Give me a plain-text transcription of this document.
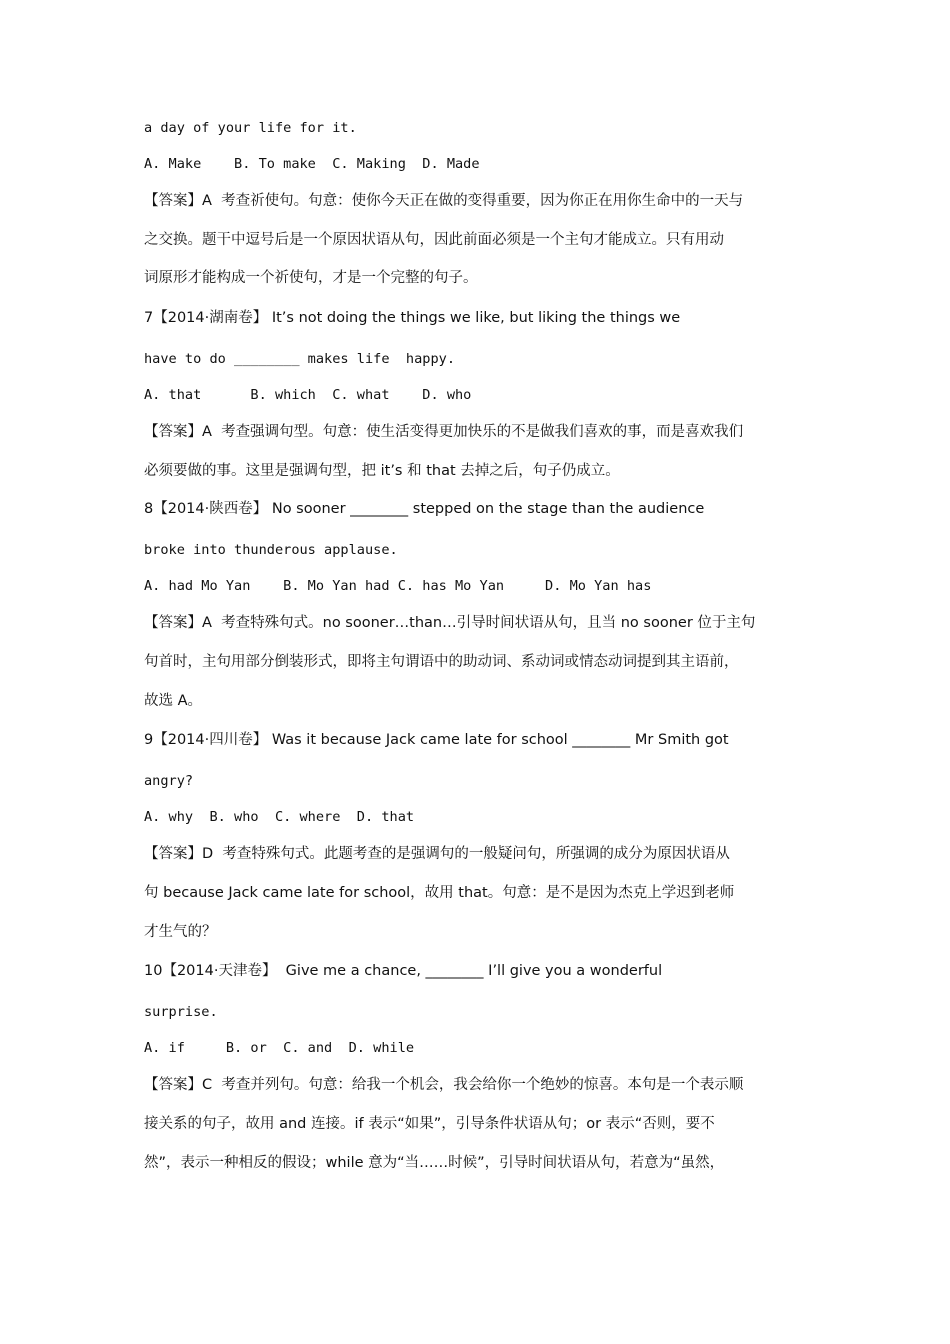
a day of your life for it.
A. Make    B. To make  C. Making  D. Made
【答案】A  考查祈使句。句意：使你今天正在做的变得重要，因为你正在用你生命中的一天与
之交换。题干中逗号后是一个原因状语从句，因此前面必须是一个主句才能成立。只有用动
词原形才能构成一个祈使句，才是一个完整的句子。
7【2014·湖南卷】 It’s not doing the things we like, but liking the things we
have to do ________ makes life  happy.
A. that      B. which  C. what    D. who
【答案】A  考查强调句型。句意：使生活变得更加快乐的不是做我们喜欢的事，而是喜欢我们
必须要做的事。这里是强调句型，把 it’s 和 that 去掉之后，句子仍成立。
8【2014·陕西卷】 No sooner ________ stepped on the stage than the audience
broke into thunderous applause.
A. had Mo Yan    B. Mo Yan had C. has Mo Yan     D. Mo Yan has
【答案】A  考查特殊句式。no sooner…than…引导时间状语从句，且当 no sooner 位于主句
句首时，主句用部分倒装形式，即将主句谓语中的助动词、系动词或情态动词提到其主语前，
故选 A。
9【2014·四川卷】 Was it because Jack came late for school ________ Mr Smith got
angry?
A. why  B. who  C. where  D. that
【答案】D  考查特殊句式。此题考查的是强调句的一般疑问句，所强调的成分为原因状语从
句 because Jack came late for school，故用 that。句意：是不是因为杰克上学迟到老师
才生气的？
10【2014·天津卷】  Give me a chance, ________ I’ll give you a wonderful
surprise.
A. if     B. or  C. and  D. while
【答案】C  考查并列句。句意：给我一个机会，我会给你一个绝妙的惊喜。本句是一个表示顺
接关系的句子，故用 and 连接。if 表示“如果”，引导条件状语从句；or 表示“否则，要不
然”，表示一种相反的假设；while 意为“当……时候”，引导时间状语从句，若意为“虽然，
